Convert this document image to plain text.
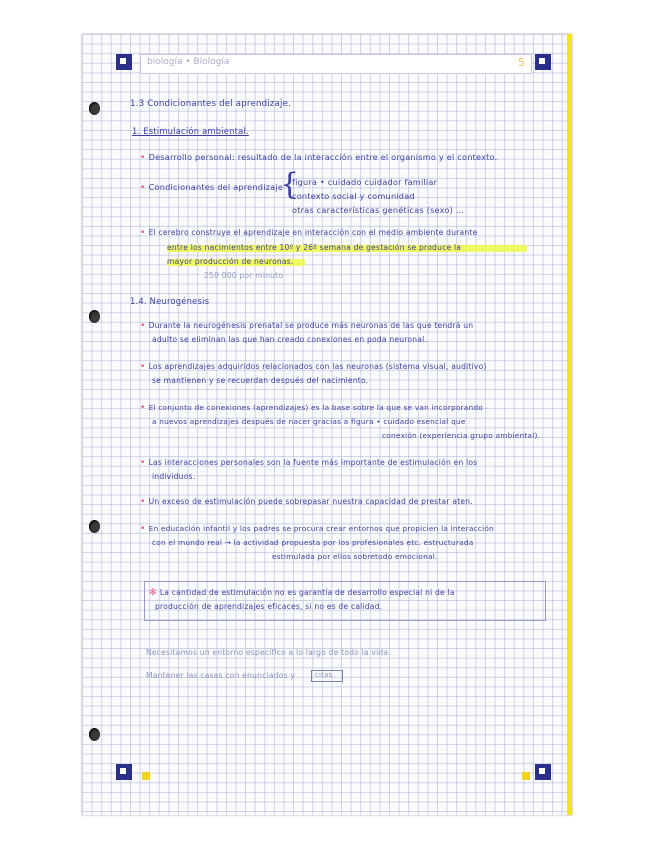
biología • Biología	5
1.3 Condicionantes del aprendizaje.
1. Estimulación ambiental.
• Desarrollo personal: resultado de la interacción entre el organismo y el contexto.
• Condicionantes del aprendizaje
{
figura • cuidado cuidador familiar
contexto social y comunidad
otras características genéticas (sexo) …
• El cerebro construye el aprendizaje en interacción con el medio ambiente durante
entre los nacimientos entre 10º y 26º semana de gestación se produce la
mayor producción de neuronas.
250 000 por minuto
1.4. Neurogénesis
• Durante la neurogénesis prenatal se produce más neuronas de las que tendrá un
adulto se eliminan las que han creado conexiones en poda neuronal.
• Los aprendizajes adquiridos relacionados con las neuronas (sistema visual, auditivo)
se mantienen y se recuerdan después del nacimiento.
• El conjunto de conexiones (aprendizajes) es la base sobre la que se van incorporando
a nuevos aprendizajes después de nacer gracias a figura • cuidado esencial que
conexión (experiencia grupo ambiental).
• Las interacciones personales son la fuente más importante de estimulación en los
individuos.
• Un exceso de estimulación puede sobrepasar nuestra capacidad de prestar aten.
• En educación infantil y los padres se procura crear entornos que propicien la interacción
con el mundo real → la actividad propuesta por los profesionales etc. estructurada
estimulada por ellos sobretodo emocional.
✻ La cantidad de estimulación no es garantía de desarrollo especial ni de la
producción de aprendizajes eficaces, si no es de calidad.
Necesitamos un entorno específico a lo largo de todo la vida.
Mantener las casas con enunciados y	citas
